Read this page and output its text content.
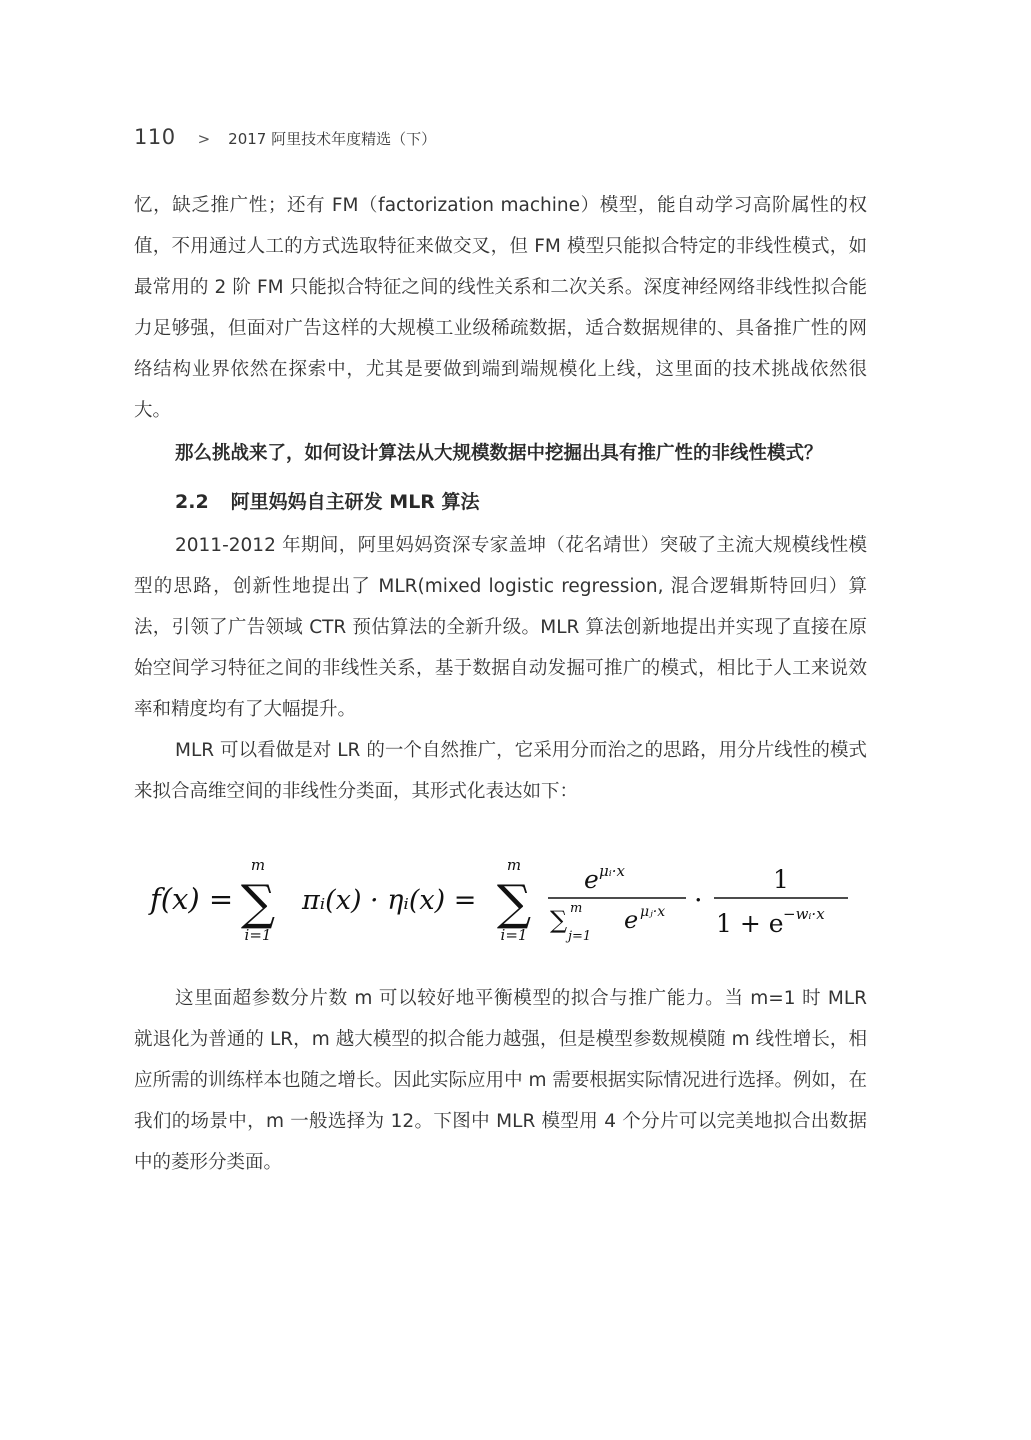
110 > 2017 阿里技术年度精选（下）

忆，缺乏推广性；还有 FM（factorization machine）模型，能自动学习高阶属性的权值，不用通过人工的方式选取特征来做交叉，但 FM 模型只能拟合特定的非线性模式，如最常用的 2 阶 FM 只能拟合特征之间的线性关系和二次关系。深度神经网络非线性拟合能力足够强，但面对广告这样的大规模工业级稀疏数据，适合数据规律的、具备推广性的网络结构业界依然在探索中，尤其是要做到端到端规模化上线，这里面的技术挑战依然很大。

那么挑战来了，如何设计算法从大规模数据中挖掘出具有推广性的非线性模式？

2.2 阿里妈妈自主研发 MLR 算法

2011-2012 年期间，阿里妈妈资深专家盖坤（花名靖世）突破了主流大规模线性模型的思路，创新性地提出了 MLR(mixed logistic regression, 混合逻辑斯特回归）算法，引领了广告领域 CTR 预估算法的全新升级。MLR 算法创新地提出并实现了直接在原始空间学习特征之间的非线性关系，基于数据自动发掘可推广的模式，相比于人工来说效率和精度均有了大幅提升。

MLR 可以看做是对 LR 的一个自然推广，它采用分而治之的思路，用分片线性的模式来拟合高维空间的非线性分类面，其形式化表达如下：

这里面超参数分片数 m 可以较好地平衡模型的拟合与推广能力。当 m=1 时 MLR 就退化为普通的 LR，m 越大模型的拟合能力越强，但是模型参数规模随 m 线性增长，相应所需的训练样本也随之增长。因此实际应用中 m 需要根据实际情况进行选择。例如，在我们的场景中，m 一般选择为 12。下图中 MLR 模型用 4 个分片可以完美地拟合出数据中的菱形分类面。

f(x) =
m
∑
i=1
πᵢ(x) · ηᵢ(x) =
m
∑
i=1
e μᵢ·x
∑ m
j=1
e μⱼ·x ·
1
1 + e −wᵢ·x
